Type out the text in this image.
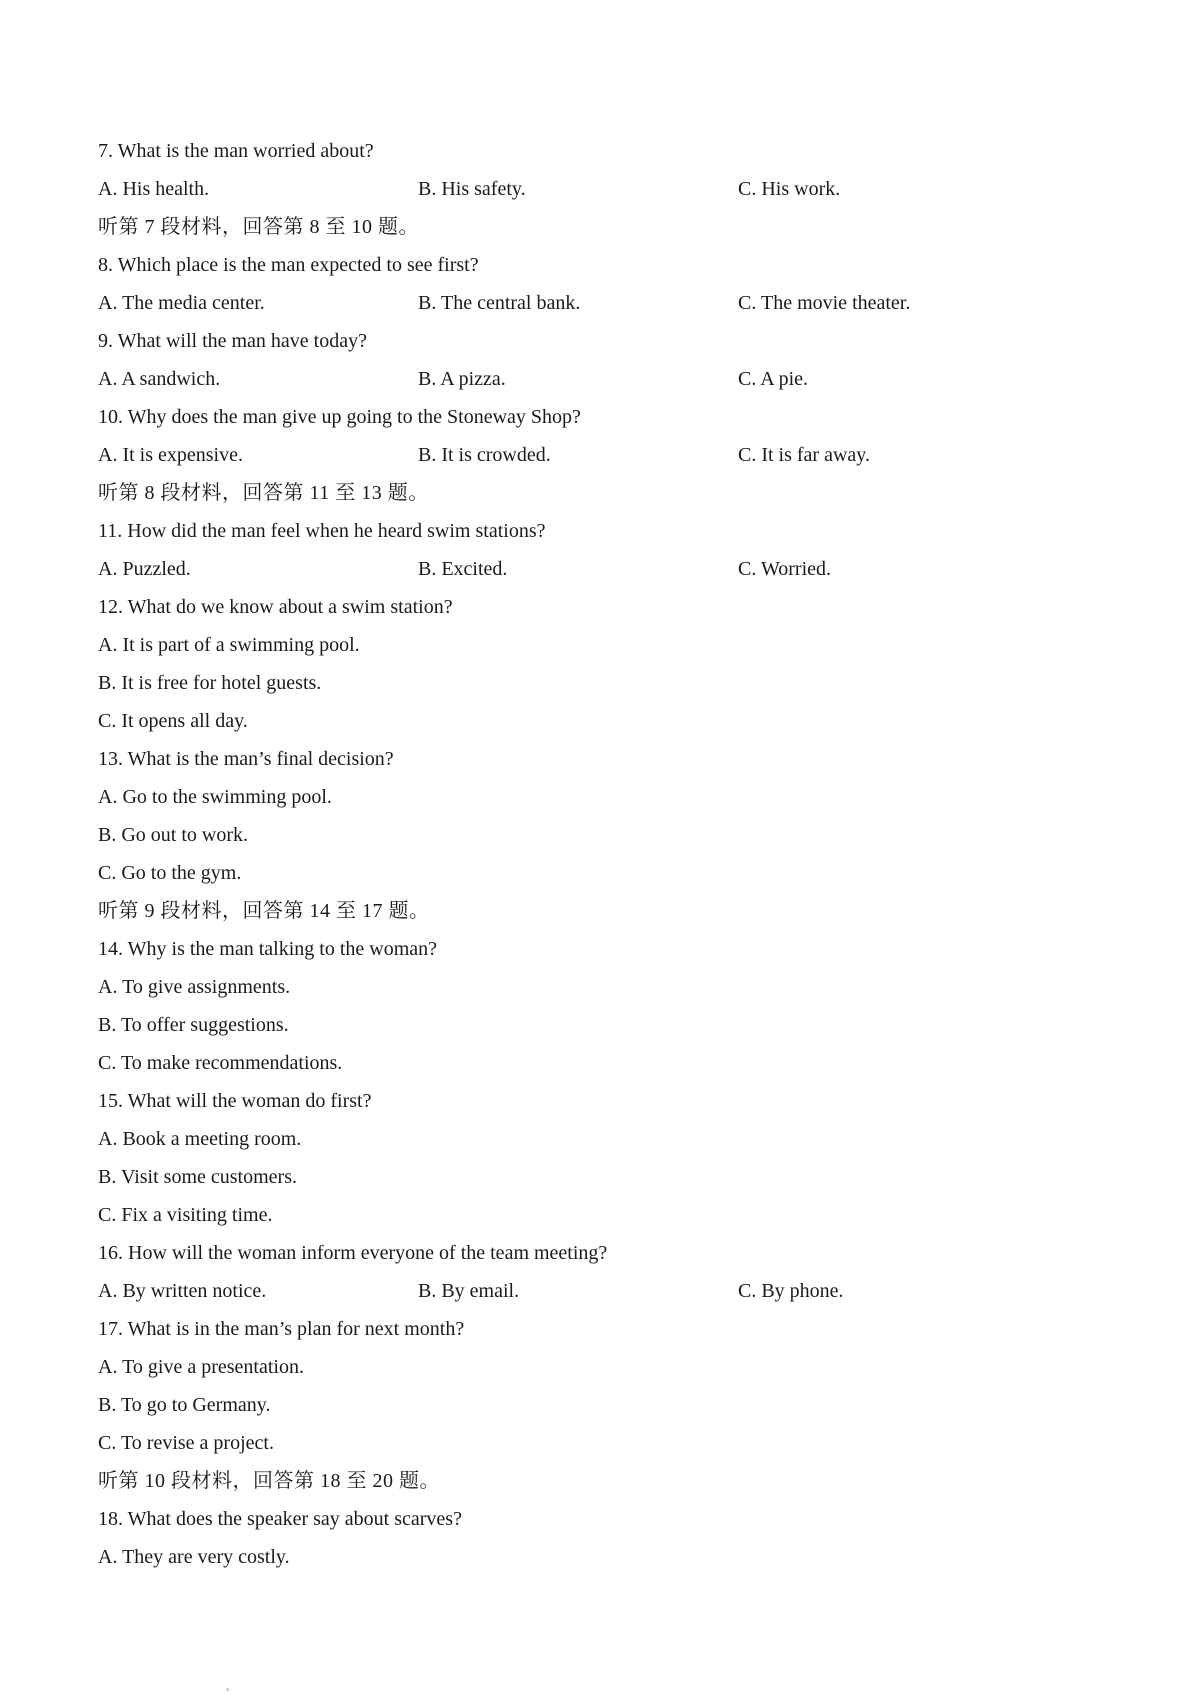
7. What is the man worried about?
A. His health.	B. His safety.	C. His work.
听第 7 段材料，回答第 8 至 10 题。
8. Which place is the man expected to see first?
A. The media center.	B. The central bank.	C. The movie theater.
9. What will the man have today?
A. A sandwich.	B. A pizza.	C. A pie.
10. Why does the man give up going to the Stoneway Shop?
A. It is expensive.	B. It is crowded.	C. It is far away.
听第 8 段材料，回答第 11 至 13 题。
11. How did the man feel when he heard swim stations?
A. Puzzled.	B. Excited.	C. Worried.
12. What do we know about a swim station?
A. It is part of a swimming pool.
B. It is free for hotel guests.
C. It opens all day.
13. What is the man’s final decision?
A. Go to the swimming pool.
B. Go out to work.
C. Go to the gym.
听第 9 段材料，回答第 14 至 17 题。
14. Why is the man talking to the woman?
A. To give assignments.
B. To offer suggestions.
C. To make recommendations.
15. What will the woman do first?
A. Book a meeting room.
B. Visit some customers.
C. Fix a visiting time.
16. How will the woman inform everyone of the team meeting?
A. By written notice.	B. By email.	C. By phone.
17. What is in the man’s plan for next month?
A. To give a presentation.
B. To go to Germany.
C. To revise a project.
听第 10 段材料，回答第 18 至 20 题。
18. What does the speaker say about scarves?
A. They are very costly.
